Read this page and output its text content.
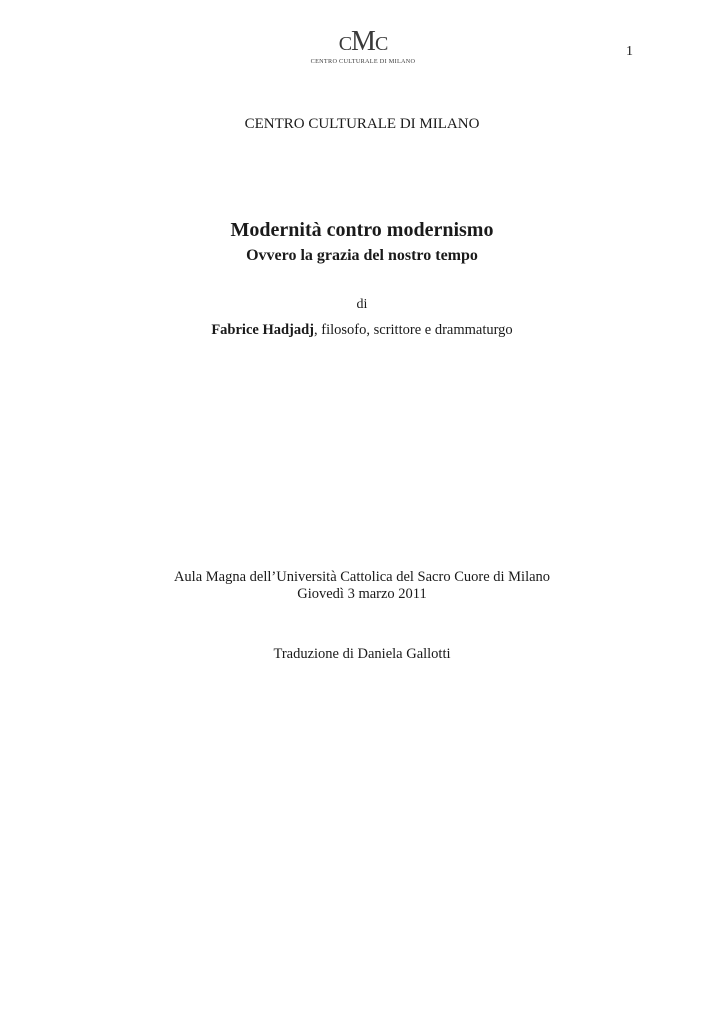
CMC
CENTRO CULTURALE DI MILANO
1
CENTRO CULTURALE DI MILANO
Modernità contro modernismo
Ovvero la grazia del nostro tempo
di
Fabrice Hadjadj, filosofo, scrittore e drammaturgo
Aula Magna dell’Università Cattolica del Sacro Cuore di Milano
Giovedì 3 marzo 2011
Traduzione di Daniela Gallotti
